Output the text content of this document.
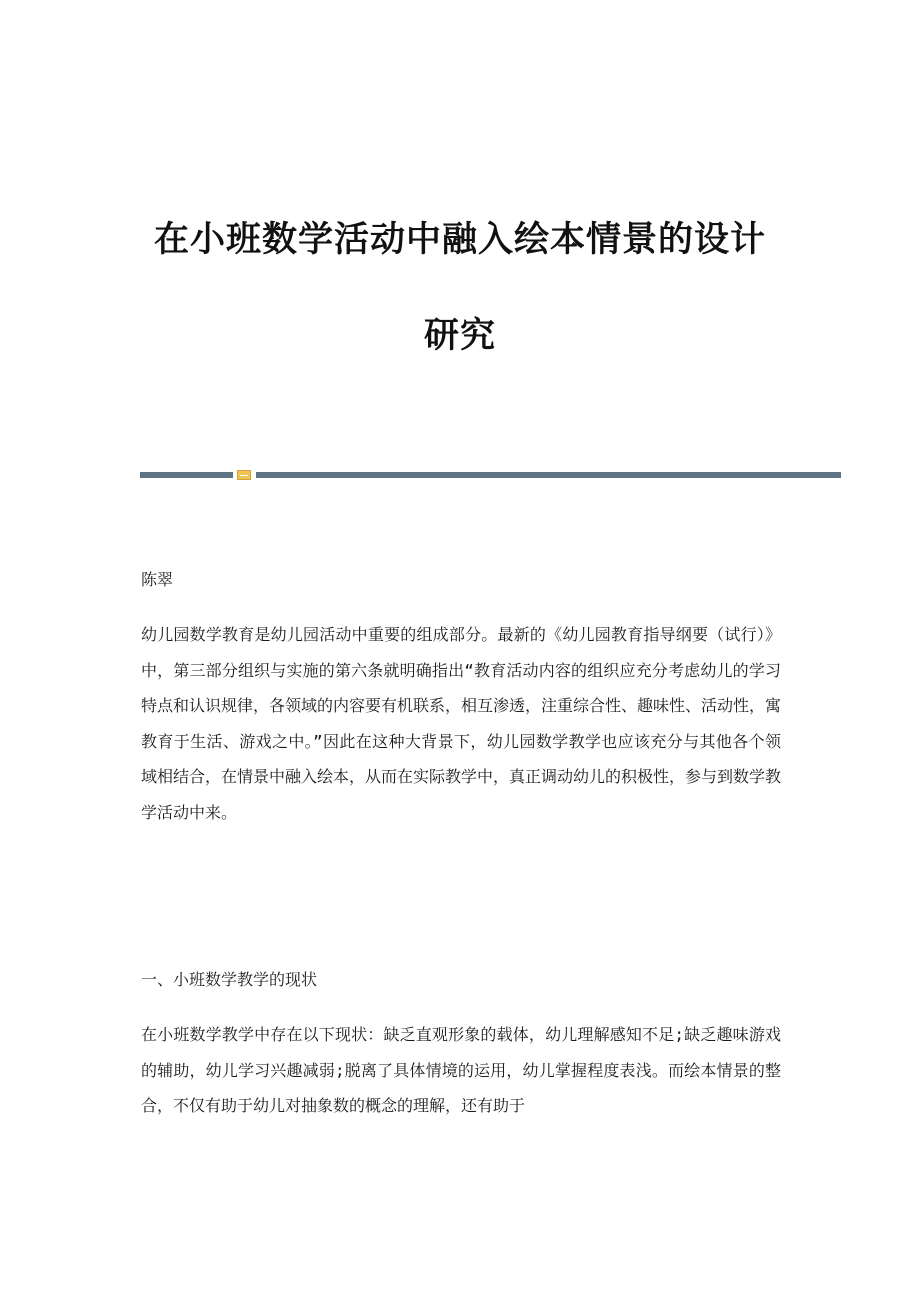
在小班数学活动中融入绘本情景的设计
研究
陈翠
幼儿园数学教育是幼儿园活动中重要的组成部分。最新的《幼儿园教育指导纲要（试行）》中，第三部分组织与实施的第六条就明确指出“教育活动内容的组织应充分考虑幼儿的学习特点和认识规律，各领域的内容要有机联系，相互渗透，注重综合性、趣味性、活动性，寓教育于生活、游戏之中。”因此在这种大背景下，幼儿园数学教学也应该充分与其他各个领域相结合，在情景中融入绘本，从而在实际教学中，真正调动幼儿的积极性，参与到数学教学活动中来。
一、小班数学教学的现状
在小班数学教学中存在以下现状：缺乏直观形象的载体，幼儿理解感知不足;缺乏趣味游戏的辅助，幼儿学习兴趣减弱;脱离了具体情境的运用，幼儿掌握程度表浅。而绘本情景的整合，不仅有助于幼儿对抽象数的概念的理解，还有助于
